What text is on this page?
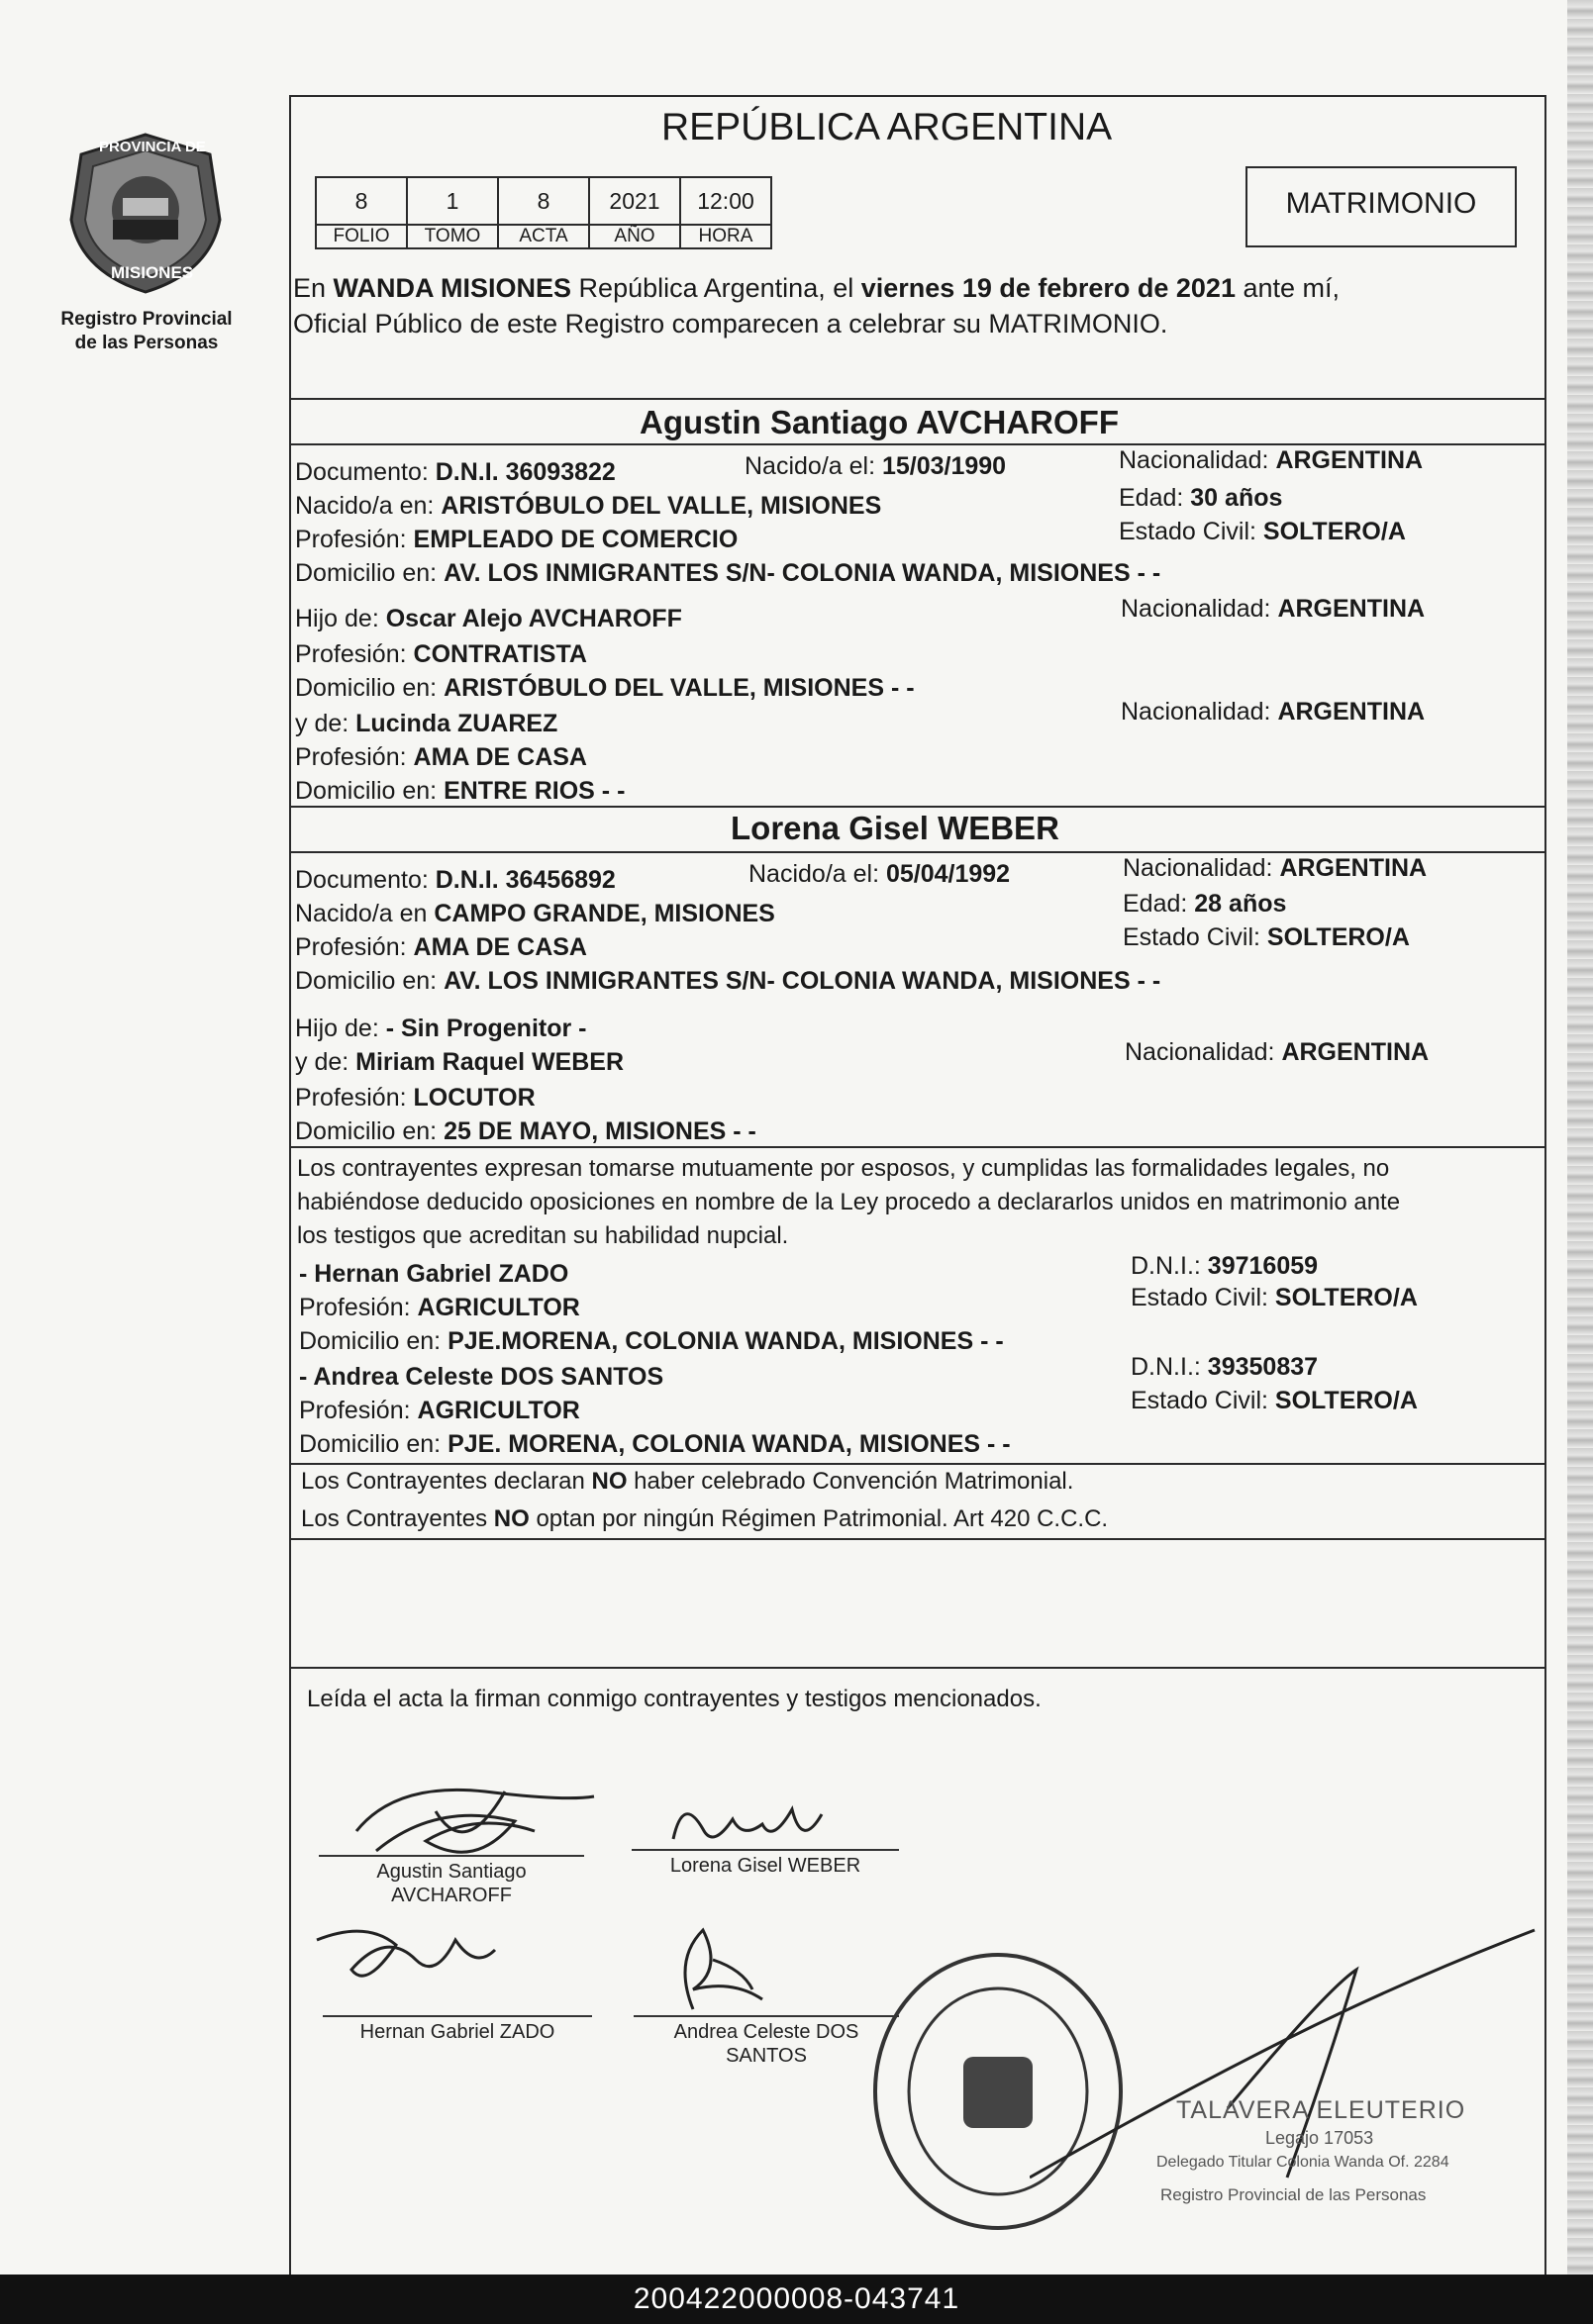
PROVINCIA DE
MISIONES
Registro Provincial
de las Personas
REPÚBLICA ARGENTINA
8	1	8	2021	12:00
FOLIO	TOMO	ACTA	AÑO	HORA
MATRIMONIO
En WANDA MISIONES República Argentina, el viernes 19 de febrero de 2021 ante mí,
Oficial Público de este Registro comparecen a celebrar su MATRIMONIO.
Agustin Santiago AVCHAROFF
Documento: D.N.I. 36093822	Nacido/a el: 15/03/1990	Nacionalidad: ARGENTINA
Nacido/a en: ARISTÓBULO DEL VALLE, MISIONES	Edad: 30 años
Profesión: EMPLEADO DE COMERCIO	Estado Civil: SOLTERO/A
Domicilio en: AV. LOS INMIGRANTES S/N- COLONIA WANDA, MISIONES - -
Hijo de: Oscar Alejo AVCHAROFF	Nacionalidad: ARGENTINA
Profesión: CONTRATISTA
Domicilio en: ARISTÓBULO DEL VALLE, MISIONES - -
y de: Lucinda ZUAREZ	Nacionalidad: ARGENTINA
Profesión: AMA DE CASA
Domicilio en: ENTRE RIOS - -
Lorena Gisel WEBER
Documento: D.N.I. 36456892	Nacido/a el: 05/04/1992	Nacionalidad: ARGENTINA
Nacido/a en CAMPO GRANDE, MISIONES	Edad: 28 años
Profesión: AMA DE CASA	Estado Civil: SOLTERO/A
Domicilio en: AV. LOS INMIGRANTES S/N- COLONIA WANDA, MISIONES - -
Hijo de: - Sin Progenitor -
y de: Miriam Raquel WEBER	Nacionalidad: ARGENTINA
Profesión: LOCUTOR
Domicilio en: 25 DE MAYO, MISIONES - -
Los contrayentes expresan tomarse mutuamente por esposos, y cumplidas las formalidades legales, no
habiéndose deducido oposiciones en nombre de la Ley procedo a declararlos unidos en matrimonio ante
los testigos que acreditan su habilidad nupcial.
- Hernan Gabriel ZADO	D.N.I.: 39716059
Profesión: AGRICULTOR	Estado Civil: SOLTERO/A
Domicilio en: PJE.MORENA, COLONIA WANDA, MISIONES - -
- Andrea Celeste DOS SANTOS	D.N.I.: 39350837
Profesión: AGRICULTOR	Estado Civil: SOLTERO/A
Domicilio en: PJE. MORENA, COLONIA WANDA, MISIONES - -
Los Contrayentes declaran NO haber celebrado Convención Matrimonial.
Los Contrayentes NO optan por ningún Régimen Patrimonial. Art 420 C.C.C.
Leída el acta la firman conmigo contrayentes y testigos mencionados.
Agustin Santiago
AVCHAROFF
Lorena Gisel WEBER
Hernan Gabriel ZADO	Andrea Celeste DOS
SANTOS
TALAVERA ELEUTERIO
Legajo 17053
Delegado Titular Colonia Wanda Of. 2284
Registro Provincial de las Personas
200422000008-043741
